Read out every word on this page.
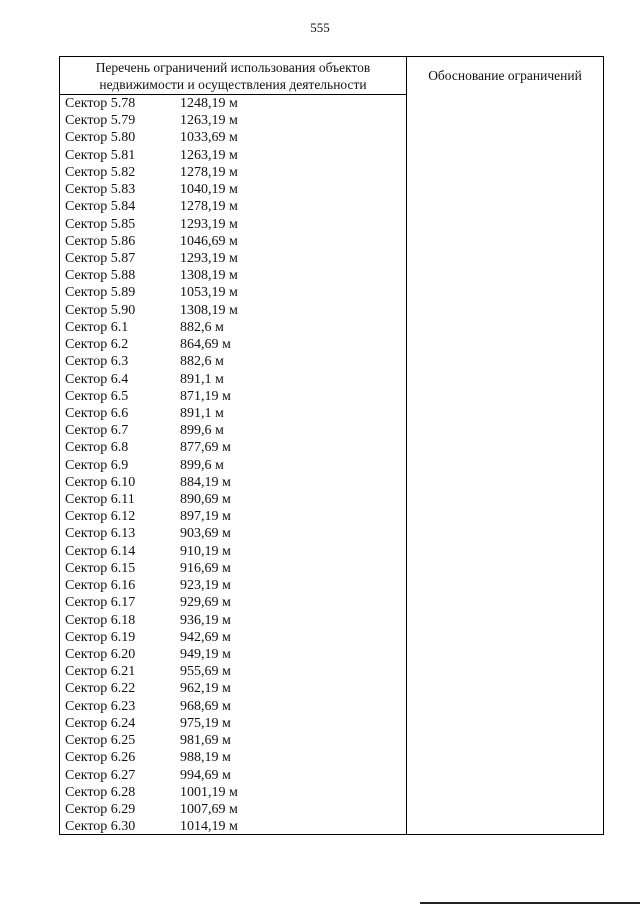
555
Перечень ограничений использования объектов
недвижимости и осуществления деятельности
Обоснование ограничений
Сектор 5.78	1248,19 м
Сектор 5.79	1263,19 м
Сектор 5.80	1033,69 м
Сектор 5.81	1263,19 м
Сектор 5.82	1278,19 м
Сектор 5.83	1040,19 м
Сектор 5.84	1278,19 м
Сектор 5.85	1293,19 м
Сектор 5.86	1046,69 м
Сектор 5.87	1293,19 м
Сектор 5.88	1308,19 м
Сектор 5.89	1053,19 м
Сектор 5.90	1308,19 м
Сектор 6.1	882,6 м
Сектор 6.2	864,69 м
Сектор 6.3	882,6 м
Сектор 6.4	891,1 м
Сектор 6.5	871,19 м
Сектор 6.6	891,1 м
Сектор 6.7	899,6 м
Сектор 6.8	877,69 м
Сектор 6.9	899,6 м
Сектор 6.10	884,19 м
Сектор 6.11	890,69 м
Сектор 6.12	897,19 м
Сектор 6.13	903,69 м
Сектор 6.14	910,19 м
Сектор 6.15	916,69 м
Сектор 6.16	923,19 м
Сектор 6.17	929,69 м
Сектор 6.18	936,19 м
Сектор 6.19	942,69 м
Сектор 6.20	949,19 м
Сектор 6.21	955,69 м
Сектор 6.22	962,19 м
Сектор 6.23	968,69 м
Сектор 6.24	975,19 м
Сектор 6.25	981,69 м
Сектор 6.26	988,19 м
Сектор 6.27	994,69 м
Сектор 6.28	1001,19 м
Сектор 6.29	1007,69 м
Сектор 6.30	1014,19 м
